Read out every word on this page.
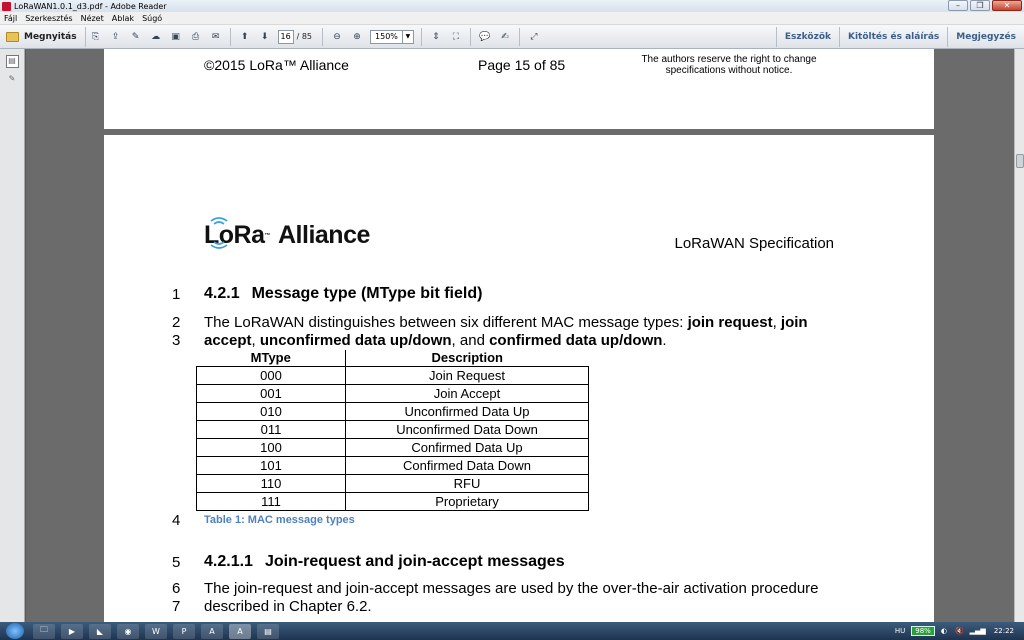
LoRaWAN1.0.1_d3.pdf - Adobe Reader	–	❐	✕
Fájl Szerkesztés Nézet Ablak Súgó
Megnyitás	⎘	⇪	✎	☁	▣	⎙	✉	⬆	⬇	16 / 85	⊖	⊕	150%	▼	⇕	⛶	💬	✍	⤢	Eszközök	Kitöltés és aláírás	Megjegyzés
▤
✎
©2015 LoRa™ Alliance	Page 15 of 85	The authors reserve the right to change
specifications without notice.
LoRa ™ Alliance	LoRaWAN Specification
1
2
3
4
5
6
7
4.2.1 Message type (MType bit field)
The LoRaWAN distinguishes between six different MAC message types: join request, join accept, unconfirmed data up/down, and confirmed data up/down.
MType	Description
000	Join Request
001	Join Accept
010	Unconfirmed Data Up
011	Unconfirmed Data Down
100	Confirmed Data Up
101	Confirmed Data Down
110	RFU
111	Proprietary
Table 1: MAC message types
4.2.1.1 Join-request and join-accept messages
The join-request and join-accept messages are used by the over-the-air activation procedure
described in Chapter 6.2.
🗀	▶	◣	◉	W	P	A	A	▤	HU	98%	◐ 🔇 ▂▄▆ 22:22
